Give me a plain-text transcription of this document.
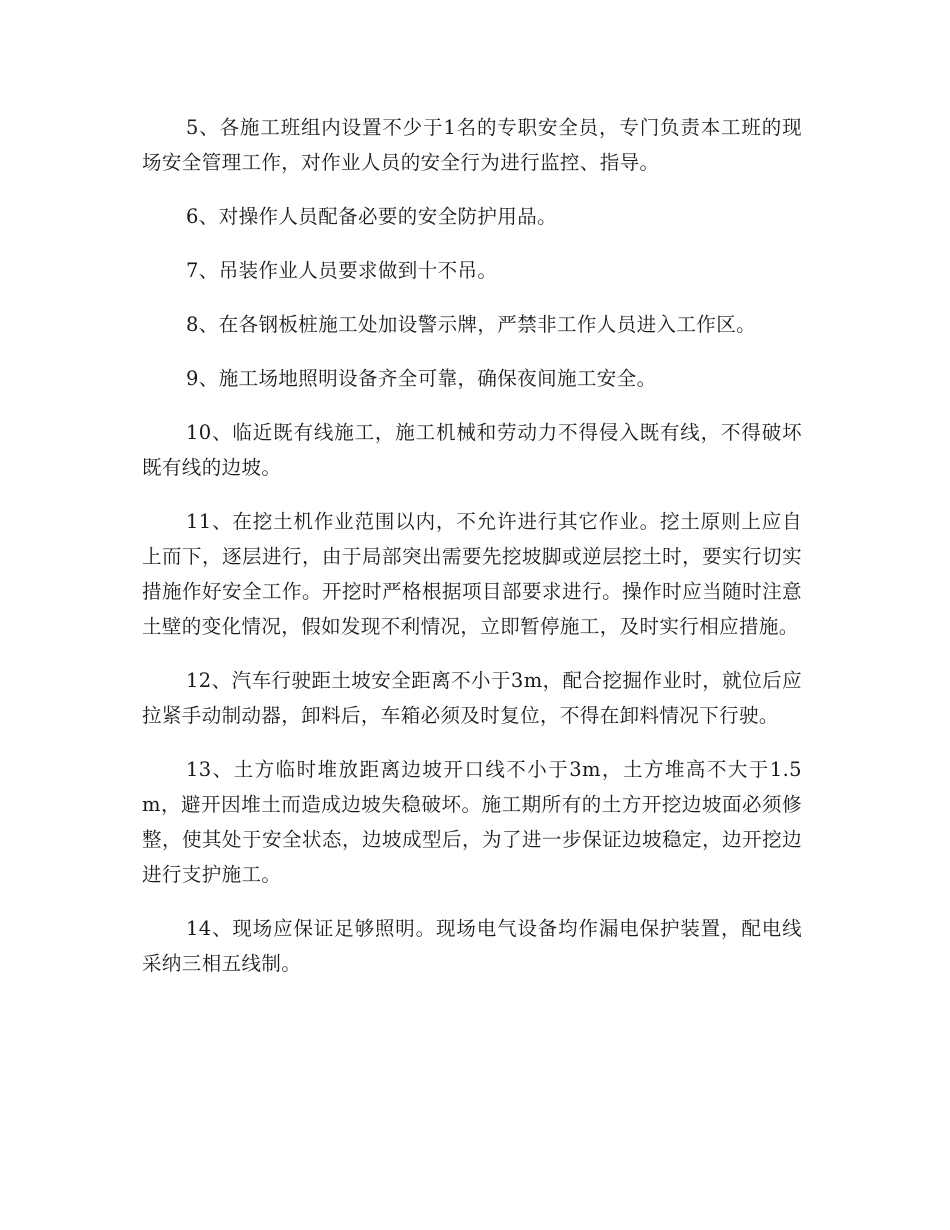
5、各施工班组内设置不少于1名的专职安全员，专门负责本工班的现场安全管理工作，对作业人员的安全行为进行监控、指导。

6、对操作人员配备必要的安全防护用品。

7、吊装作业人员要求做到十不吊。

8、在各钢板桩施工处加设警示牌，严禁非工作人员进入工作区。

9、施工场地照明设备齐全可靠，确保夜间施工安全。

10、临近既有线施工，施工机械和劳动力不得侵入既有线，不得破坏既有线的边坡。

11、在挖土机作业范围以内，不允许进行其它作业。挖土原则上应自上而下，逐层进行，由于局部突出需要先挖坡脚或逆层挖土时，要实行切实措施作好安全工作。开挖时严格根据项目部要求进行。操作时应当随时注意土壁的变化情况，假如发现不利情况，立即暂停施工，及时实行相应措施。

12、汽车行驶距土坡安全距离不小于3m，配合挖掘作业时，就位后应拉紧手动制动器，卸料后，车箱必须及时复位，不得在卸料情况下行驶。

13、土方临时堆放距离边坡开口线不小于3m，土方堆高不大于1.5m，避开因堆土而造成边坡失稳破坏。施工期所有的土方开挖边坡面必须修整，使其处于安全状态，边坡成型后，为了进一步保证边坡稳定，边开挖边进行支护施工。

14、现场应保证足够照明。现场电气设备均作漏电保护装置，配电线采纳三相五线制。
